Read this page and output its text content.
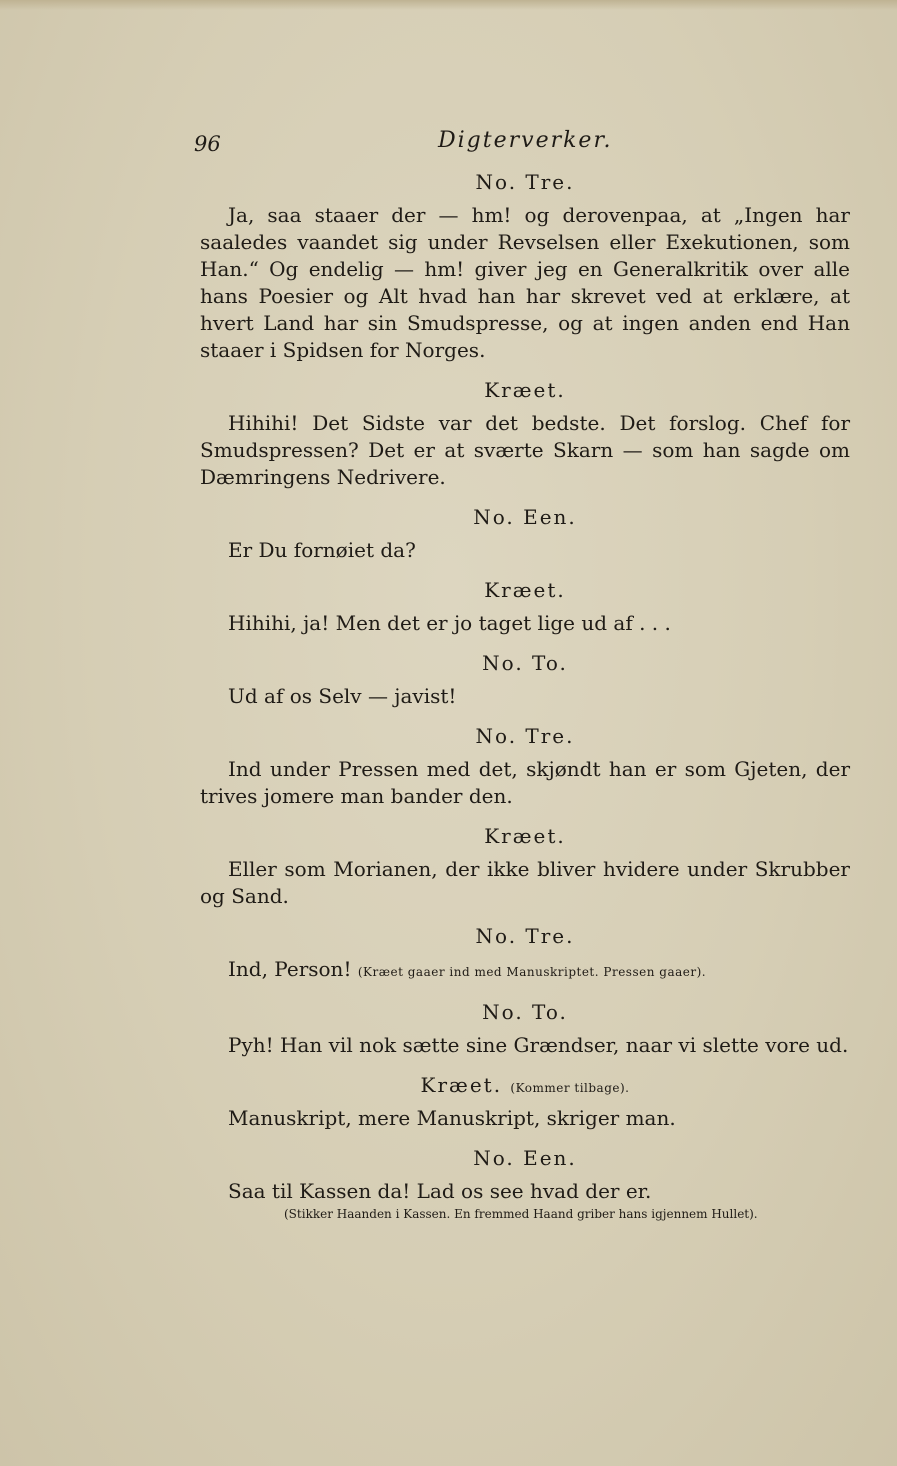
96	Digterverker.
No. Tre.

Ja, saa staaer der — hm! og derovenpaa, at „Ingen har saaledes vaandet sig under Revselsen eller Exekutionen, som Han.“ Og endelig — hm! giver jeg en Generalkritik over alle hans Poesier og Alt hvad han har skrevet ved at erklære, at hvert Land har sin Smudspresse, og at ingen anden end Han staaer i Spidsen for Norges.

Kræet.

Hihihi! Det Sidste var det bedste. Det forslog. Chef for Smudspressen? Det er at sværte Skarn — som han sagde om Dæmringens Nedrivere.

No. Een.

Er Du fornøiet da?

Kræet.

Hihihi, ja! Men det er jo taget lige ud af . . .

No. To.

Ud af os Selv — javist!

No. Tre.

Ind under Pressen med det, skjøndt han er som Gjeten, der trives jomere man bander den.

Kræet.

Eller som Morianen, der ikke bliver hvidere under Skrubber og Sand.

No. Tre.

Ind, Person! (Kræet gaaer ind med Manuskriptet. Pressen gaaer).

No. To.

Pyh! Han vil nok sætte sine Grændser, naar vi slette vore ud.

Kræet. (Kommer tilbage).

Manuskript, mere Manuskript, skriger man.

No. Een.

Saa til Kassen da! Lad os see hvad der er.

(Stikker Haanden i Kassen. En fremmed Haand griber hans igjennem Hullet).
